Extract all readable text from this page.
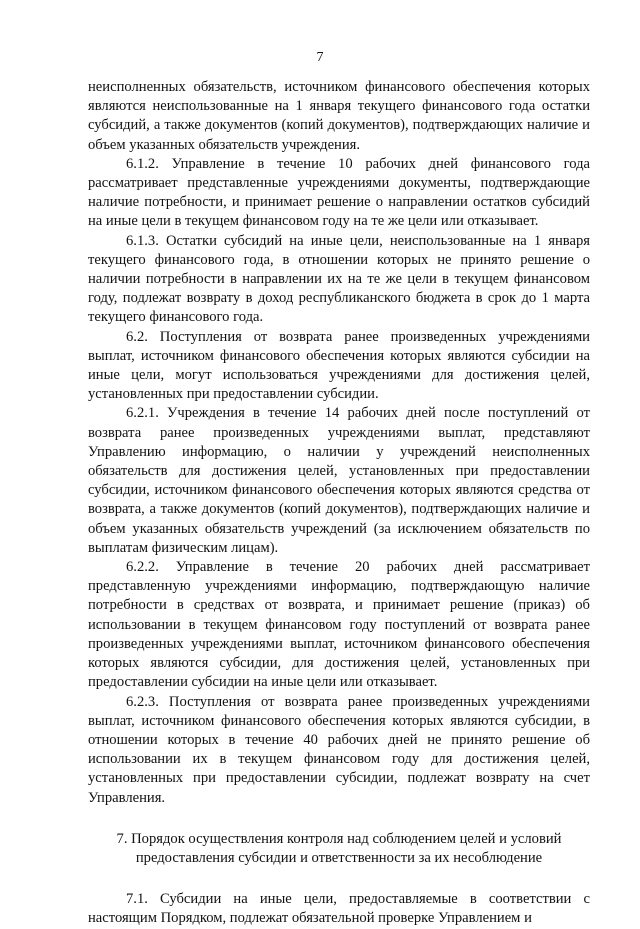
7

неисполненных обязательств, источником финансового обеспечения которых являются неиспользованные на 1 января текущего финансового года остатки субсидий, а также документов (копий документов), подтверждающих наличие и объем указанных обязательств учреждения.

6.1.2. Управление в течение 10 рабочих дней финансового года рассматривает представленные учреждениями документы, подтверждающие наличие потребности, и принимает решение о направлении остатков субсидий на иные цели в текущем финансовом году на те же цели или отказывает.

6.1.3. Остатки субсидий на иные цели, неиспользованные на 1 января текущего финансового года, в отношении которых не принято решение о наличии потребности в направлении их на те же цели в текущем финансовом году, подлежат возврату в доход республиканского бюджета в срок до 1 марта текущего финансового года.

6.2. Поступления от возврата ранее произведенных учреждениями выплат, источником финансового обеспечения которых являются субсидии на иные цели, могут использоваться учреждениями для достижения целей, установленных при предоставлении субсидии.

6.2.1. Учреждения в течение 14 рабочих дней после поступлений от возврата ранее произведенных учреждениями выплат, представляют Управлению информацию, о наличии у учреждений неисполненных обязательств для достижения целей, установленных при предоставлении субсидии, источником финансового обеспечения которых являются средства от возврата, а также документов (копий документов), подтверждающих наличие и объем указанных обязательств учреждений (за исключением обязательств по выплатам физическим лицам).

6.2.2. Управление в течение 20 рабочих дней рассматривает представленную учреждениями информацию, подтверждающую наличие потребности в средствах от возврата, и принимает решение (приказ) об использовании в текущем финансовом году поступлений от возврата ранее произведенных учреждениями выплат, источником финансового обеспечения которых являются субсидии, для достижения целей, установленных при предоставлении субсидии на иные цели или отказывает.

6.2.3. Поступления от возврата ранее произведенных учреждениями выплат, источником финансового обеспечения которых являются субсидии, в отношении которых в течение 40 рабочих дней не принято решение об использовании их в текущем финансовом году для достижения целей, установленных при предоставлении субсидии, подлежат возврату на счет Управления.

7. Порядок осуществления контроля над соблюдением целей и условий
предоставления субсидии и ответственности за их несоблюдение

7.1. Субсидии на иные цели, предоставляемые в соответствии с настоящим Порядком, подлежат обязательной проверке Управлением и
